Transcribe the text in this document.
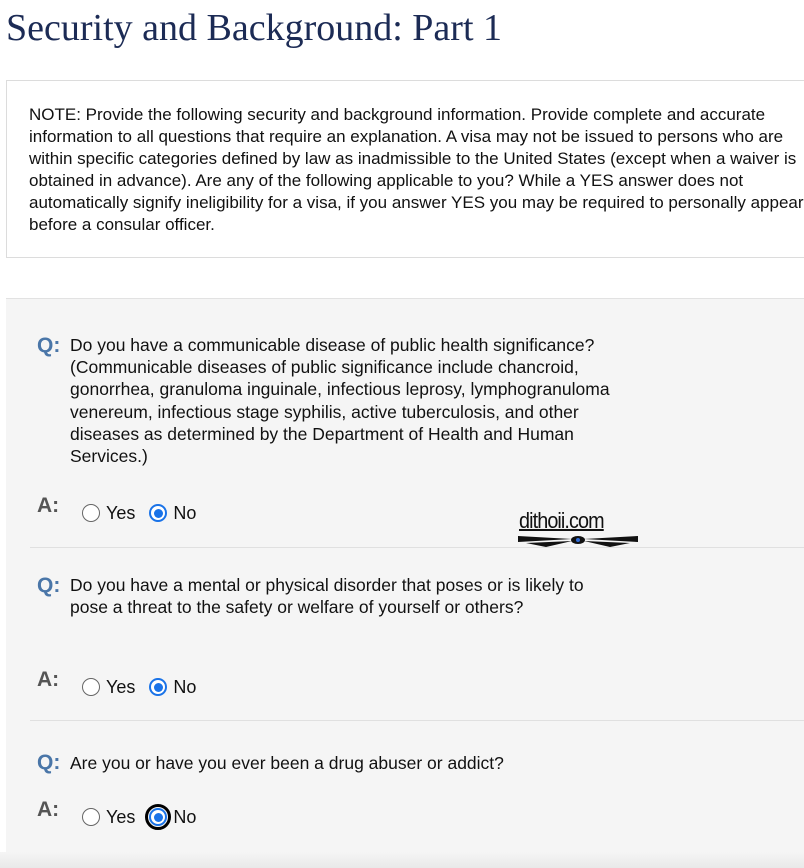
Security and Background: Part 1

NOTE: Provide the following security and background information. Provide complete and accurate information to all questions that require an explanation. A visa may not be issued to persons who are within specific categories defined by law as inadmissible to the United States (except when a waiver is obtained in advance). Are any of the following applicable to you? While a YES answer does not automatically signify ineligibility for a visa, if you answer YES you may be required to personally appear before a consular officer.

Q: Do you have a communicable disease of public health significance? (Communicable diseases of public significance include chancroid, gonorrhea, granuloma inguinale, infectious leprosy, lymphogranuloma venereum, infectious stage syphilis, active tuberculosis, and other diseases as determined by the Department of Health and Human Services.)

A:	Yes No
Q: Do you have a mental or physical disorder that poses or is likely to pose a threat to the safety or welfare of yourself or others?

A:	Yes No
Q: Are you or have you ever been a drug abuser or addict?

A:	Yes No
dithoii.com
